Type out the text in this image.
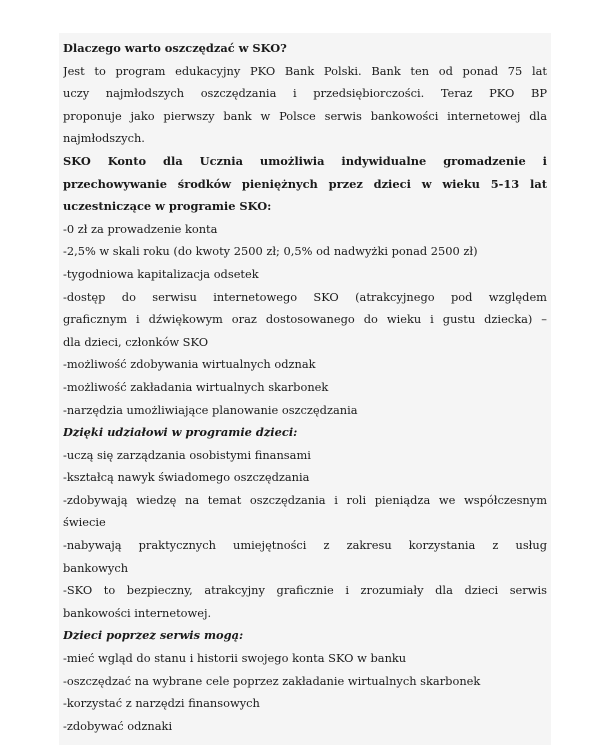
Dlaczego warto oszczędzać w SKO?
Jest to program edukacyjny PKO Bank Polski. Bank ten od ponad 75 lat
uczy najmłodszych oszczędzania i przedsiębiorczości. Teraz PKO BP
proponuje jako pierwszy bank w Polsce serwis bankowości internetowej dla
najmłodszych.
SKO Konto dla Ucznia umożliwia indywidualne gromadzenie i
przechowywanie środków pieniężnych przez dzieci w wieku 5-13 lat
uczestniczące w programie SKO:
-0 zł za prowadzenie konta
-2,5% w skali roku (do kwoty 2500 zł; 0,5% od nadwyżki ponad 2500 zł)
-tygodniowa kapitalizacja odsetek
-dostęp do serwisu internetowego SKO (atrakcyjnego pod względem
graficznym i dźwiękowym oraz dostosowanego do wieku i gustu dziecka) –
dla dzieci, członków SKO
-możliwość zdobywania wirtualnych odznak
-możliwość zakładania wirtualnych skarbonek
-narzędzia umożliwiające planowanie oszczędzania
Dzięki udziałowi w programie dzieci:
-uczą się zarządzania osobistymi finansami
-kształcą nawyk świadomego oszczędzania
-zdobywają wiedzę na temat oszczędzania i roli pieniądza we współczesnym
świecie
-nabywają praktycznych umiejętności z zakresu korzystania z usług
bankowych
-SKO to bezpieczny, atrakcyjny graficznie i zrozumiały dla dzieci serwis
bankowości internetowej.
Dzieci poprzez serwis mogą:
-mieć wgląd do stanu i historii swojego konta SKO w banku
-oszczędzać na wybrane cele poprzez zakładanie wirtualnych skarbonek
-korzystać z narzędzi finansowych
-zdobywać odznaki
